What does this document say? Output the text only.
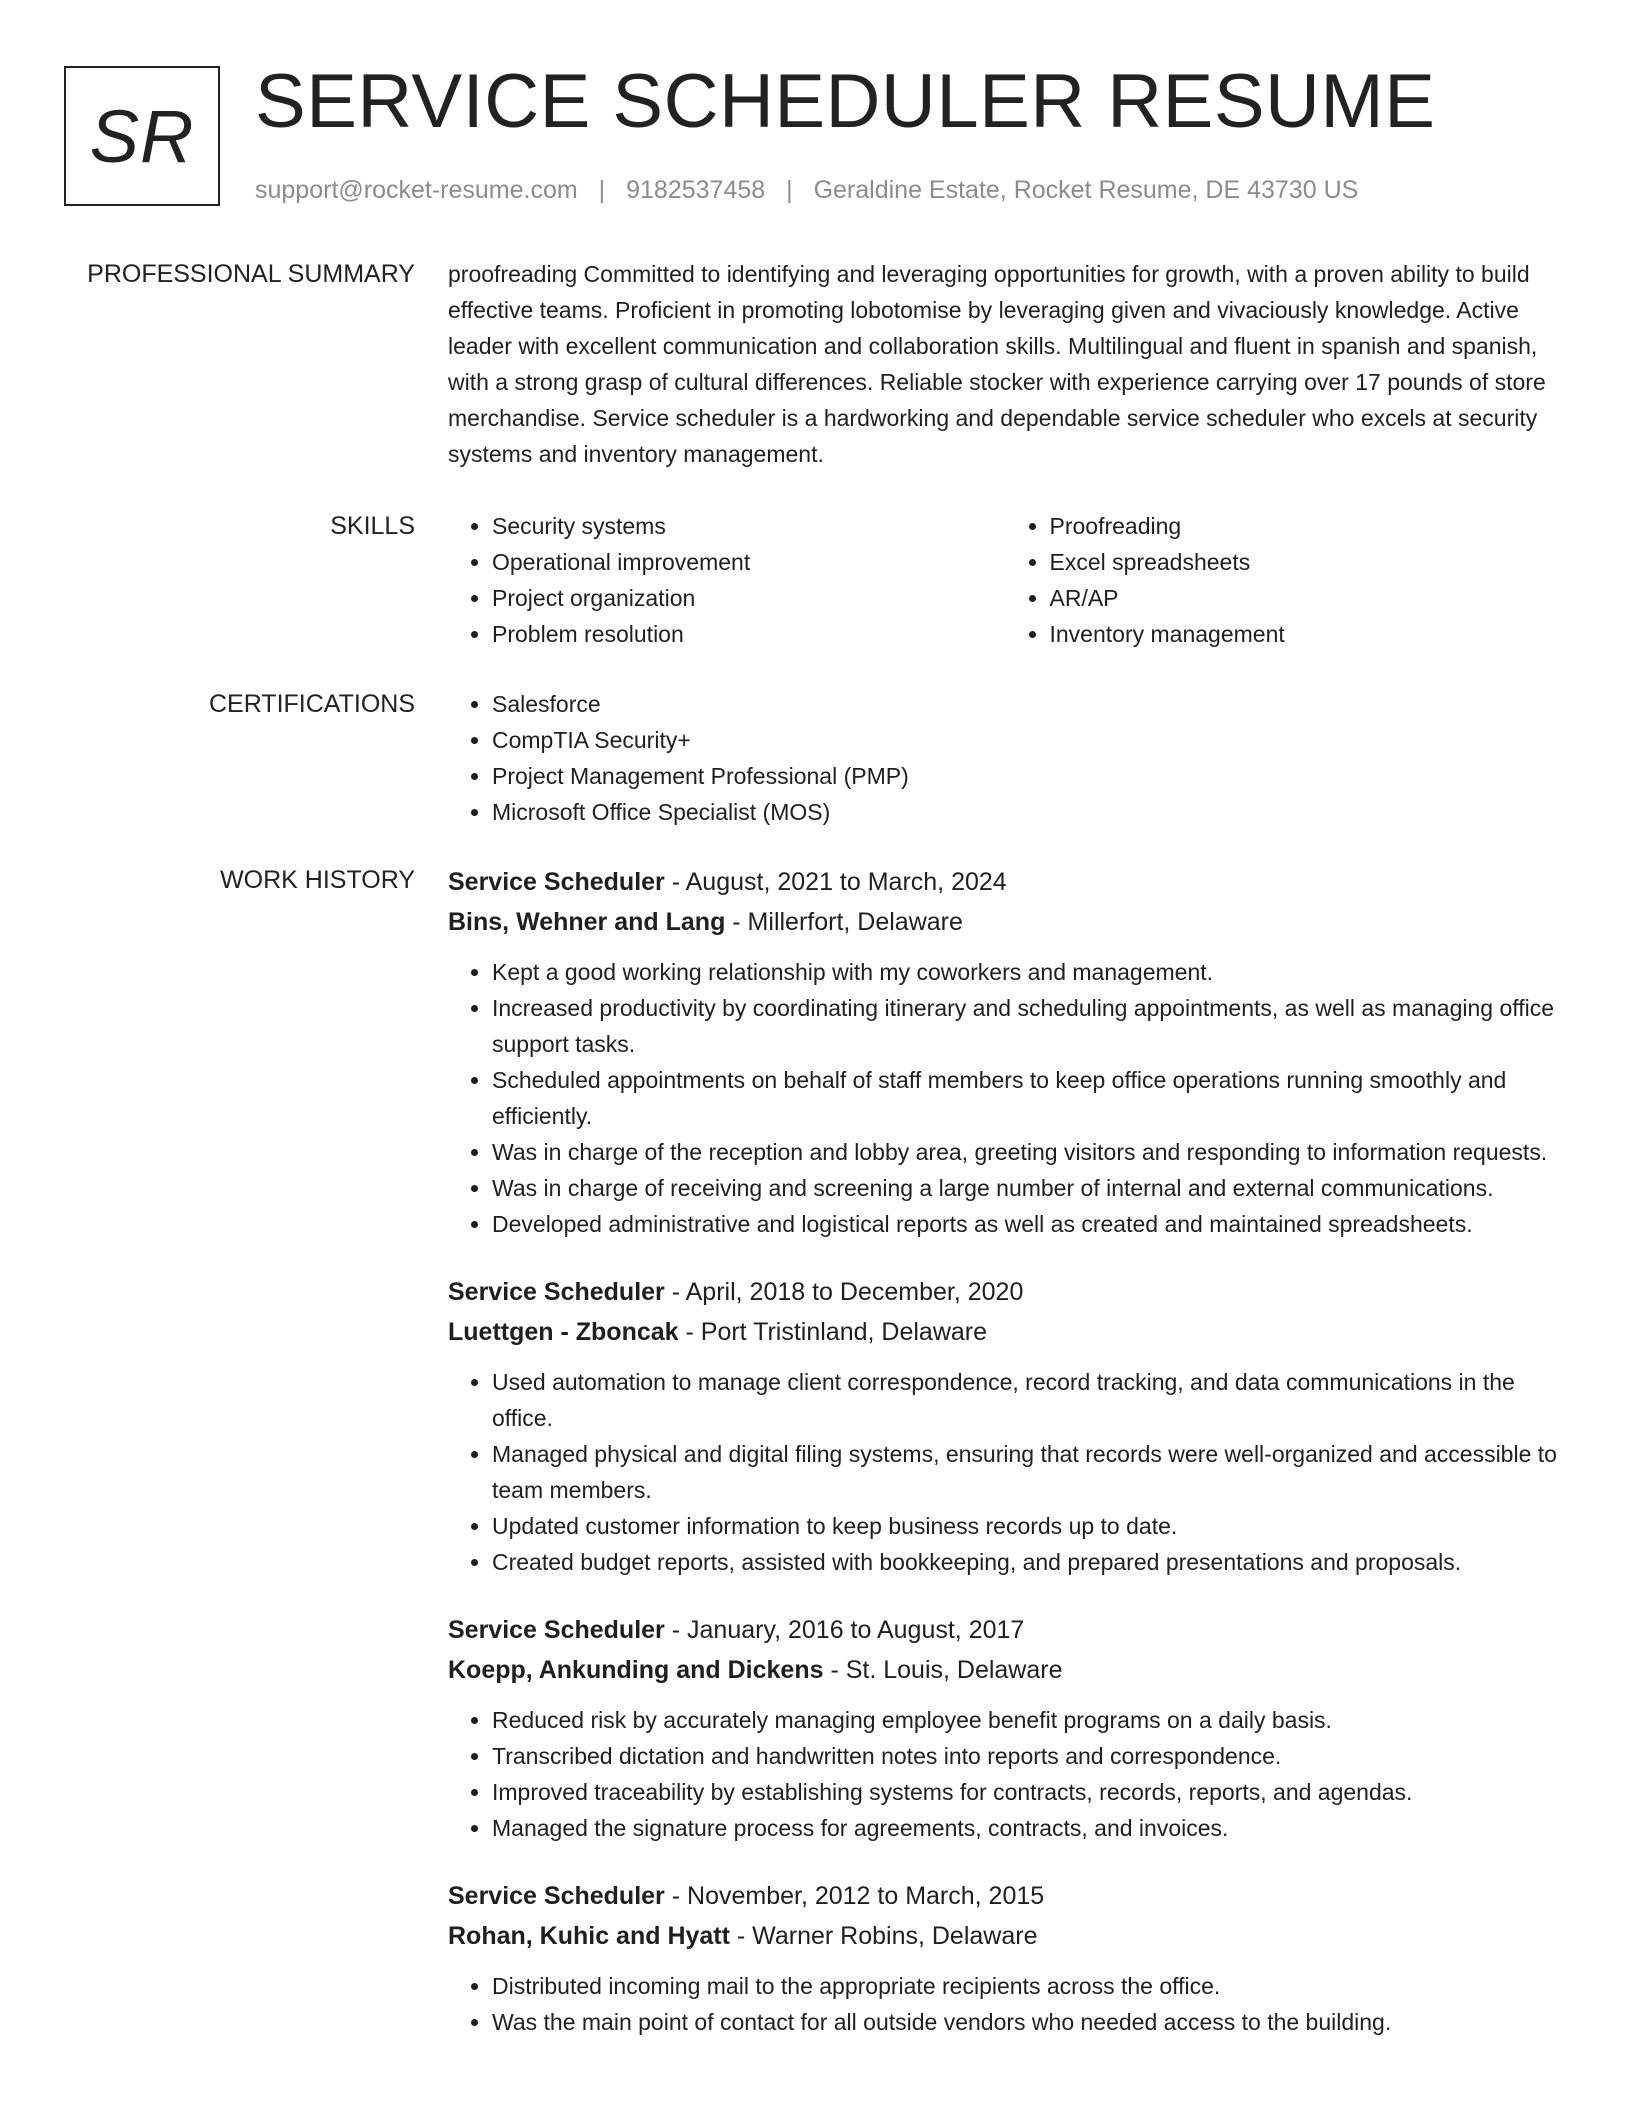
SR SERVICE SCHEDULER RESUME
support@rocket-resume.com | 9182537458 | Geraldine Estate, Rocket Resume, DE 43730 US
PROFESSIONAL SUMMARY proofreading Committed to identifying and leveraging opportunities for growth, with a proven ability to build effective teams. Proficient in promoting lobotomise by leveraging given and vivaciously knowledge. Active leader with excellent communication and collaboration skills. Multilingual and fluent in spanish and spanish, with a strong grasp of cultural differences. Reliable stocker with experience carrying over 17 pounds of store merchandise. Service scheduler is a hardworking and dependable service scheduler who excels at security systems and inventory management.

SKILLS	• Security systems
• Operational improvement
• Project organization
• Problem resolution
• Proofreading
• Excel spreadsheets
• AR/AP
• Inventory management
CERTIFICATIONS	• Salesforce
• CompTIA Security+
• Project Management Professional (PMP)
• Microsoft Office Specialist (MOS)
WORK HISTORY Service Scheduler - August, 2021 to March, 2024
Bins, Wehner and Lang - Millerfort, Delaware
• Kept a good working relationship with my coworkers and management.
• Increased productivity by coordinating itinerary and scheduling appointments, as well as managing office support tasks.
• Scheduled appointments on behalf of staff members to keep office operations running smoothly and efficiently.
• Was in charge of the reception and lobby area, greeting visitors and responding to information requests.
• Was in charge of receiving and screening a large number of internal and external communications.
• Developed administrative and logistical reports as well as created and maintained spreadsheets.
Service Scheduler - April, 2018 to December, 2020
Luettgen - Zboncak - Port Tristinland, Delaware
• Used automation to manage client correspondence, record tracking, and data communications in the office.
• Managed physical and digital filing systems, ensuring that records were well-organized and accessible to team members.
• Updated customer information to keep business records up to date.
• Created budget reports, assisted with bookkeeping, and prepared presentations and proposals.
Service Scheduler - January, 2016 to August, 2017
Koepp, Ankunding and Dickens - St. Louis, Delaware
• Reduced risk by accurately managing employee benefit programs on a daily basis.
• Transcribed dictation and handwritten notes into reports and correspondence.
• Improved traceability by establishing systems for contracts, records, reports, and agendas.
• Managed the signature process for agreements, contracts, and invoices.
Service Scheduler - November, 2012 to March, 2015
Rohan, Kuhic and Hyatt - Warner Robins, Delaware
• Distributed incoming mail to the appropriate recipients across the office.
• Was the main point of contact for all outside vendors who needed access to the building.
